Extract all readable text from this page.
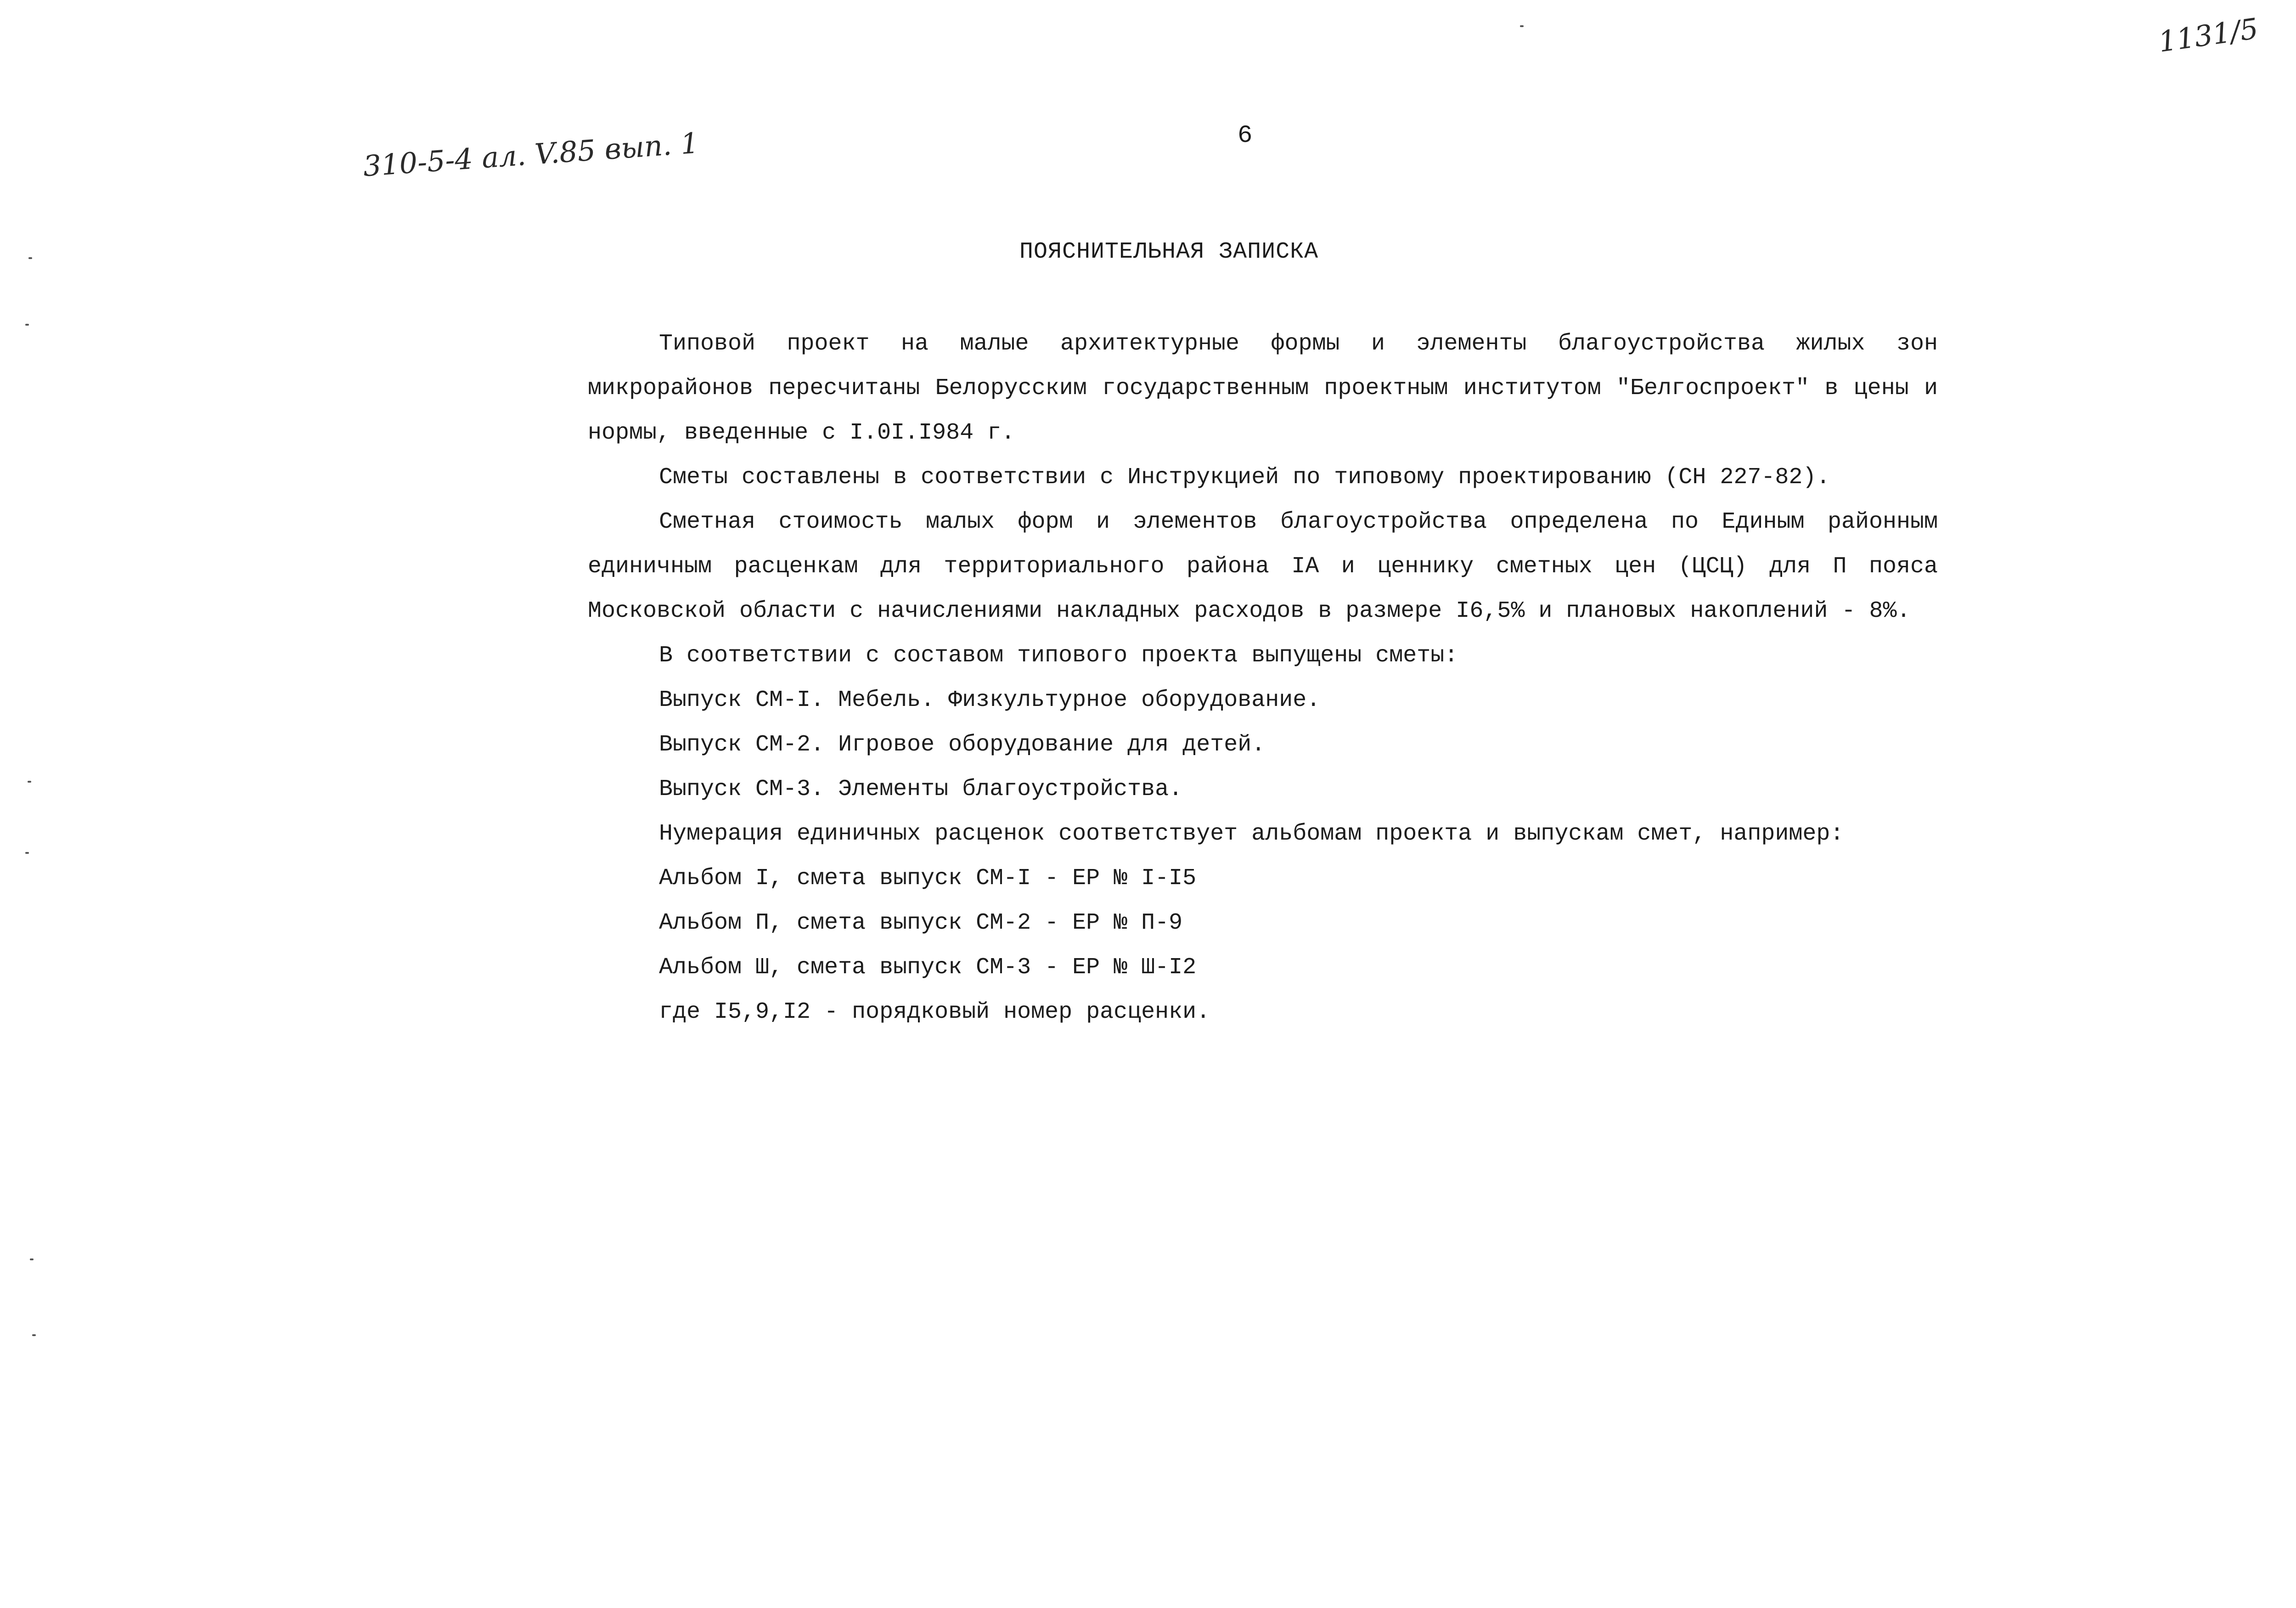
1131/5
310-5-4 ал. V.85 вып. 1	6
ПОЯСНИТЕЛЬНАЯ ЗАПИСКА

Типовой проект на малые архитектурные формы и элементы благоустройства жилых зон микрорайонов пересчитаны Белорусским государственным проектным институтом "Белгоспроект" в цены и нормы, введенные с I.0I.I984 г.

Сметы составлены в соответствии с Инструкцией по типовому проектированию (СН 227-82).

Сметная стоимость малых форм и элементов благоустройства определена по Единым районным единичным расценкам для территориального района IА и ценнику сметных цен (ЦСЦ) для П пояса Московской области с начислениями накладных расходов в размере I6,5% и плановых накоплений - 8%.

В соответствии с составом типового проекта выпущены сметы:

Выпуск СМ-I. Мебель. Физкультурное оборудование.

Выпуск СМ-2. Игровое оборудование для детей.

Выпуск СМ-3. Элементы благоустройства.

Нумерация единичных расценок соответствует альбомам проекта и выпускам смет, например:

Альбом I, смета выпуск СМ-I - ЕР № I-I5

Альбом П, смета выпуск СМ-2 - ЕР № П-9

Альбом Ш, смета выпуск СМ-3 - ЕР № Ш-I2

где I5,9,I2 - порядковый номер расценки.
